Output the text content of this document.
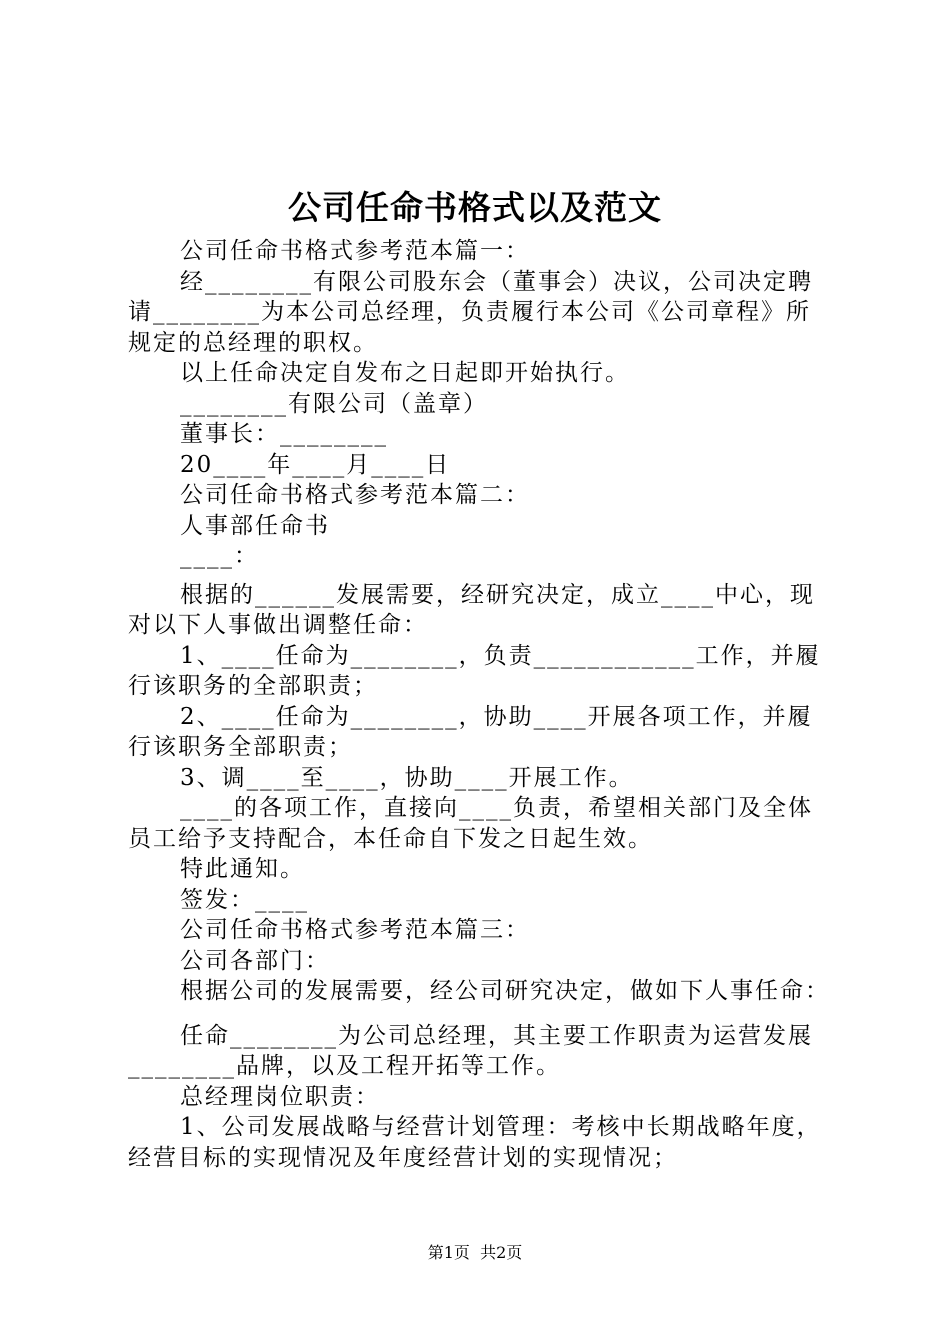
公司任命书格式以及范文

公司任命书格式参考范本篇一：

经________有限公司股东会（董事会）决议，公司决定聘请________为本公司总经理，负责履行本公司《公司章程》所规定的总经理的职权。

以上任命决定自发布之日起即开始执行。

________有限公司（盖章）

董事长：________

20____年____月____日

公司任命书格式参考范本篇二：

人事部任命书

____：

根据的______发展需要，经研究决定，成立____中心，现对以下人事做出调整任命：

1、____任命为________，负责____________工作，并履行该职务的全部职责；

2、____任命为________，协助____开展各项工作，并履行该职务全部职责；

3、调____至____，协助____开展工作。

____的各项工作，直接向____负责，希望相关部门及全体员工给予支持配合，本任命自下发之日起生效。

特此通知。

签发：____

公司任命书格式参考范本篇三：

公司各部门：

根据公司的发展需要，经公司研究决定，做如下人事任命：

任命________为公司总经理，其主要工作职责为运营发展________品牌，以及工程开拓等工作。

总经理岗位职责：

1、公司发展战略与经营计划管理：考核中长期战略年度，经营目标的实现情况及年度经营计划的实现情况；

第1页  共2页
